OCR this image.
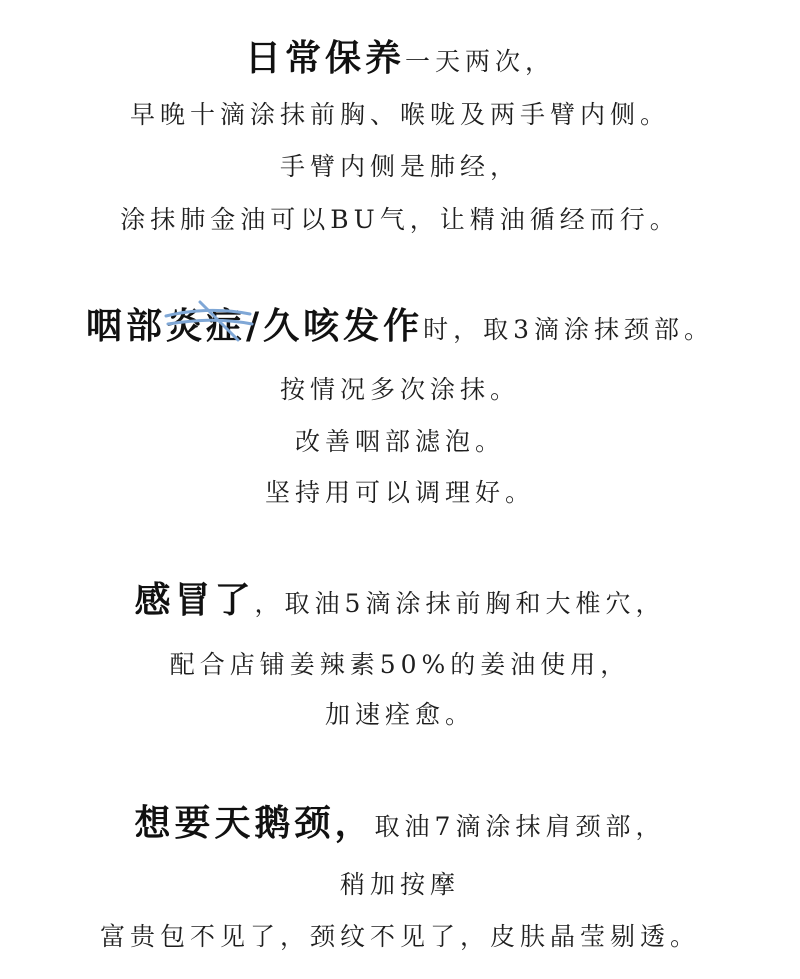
日常保养一天两次，
早晚十滴涂抹前胸、喉咙及两手臂内侧。
手臂内侧是肺经，
涂抹肺金油可以BU气，让精油循经而行。
咽部炎症
/久咳发作时，取3滴涂抹颈部。
按情况多次涂抹。
改善咽部滤泡。
坚持用可以调理好。
感冒了，取油5滴涂抹前胸和大椎穴，
配合店铺姜辣素50%的姜油使用，
加速痊愈。
想要天鹅颈，取油7滴涂抹肩颈部，
稍加按摩
富贵包不见了，颈纹不见了，皮肤晶莹剔透。
